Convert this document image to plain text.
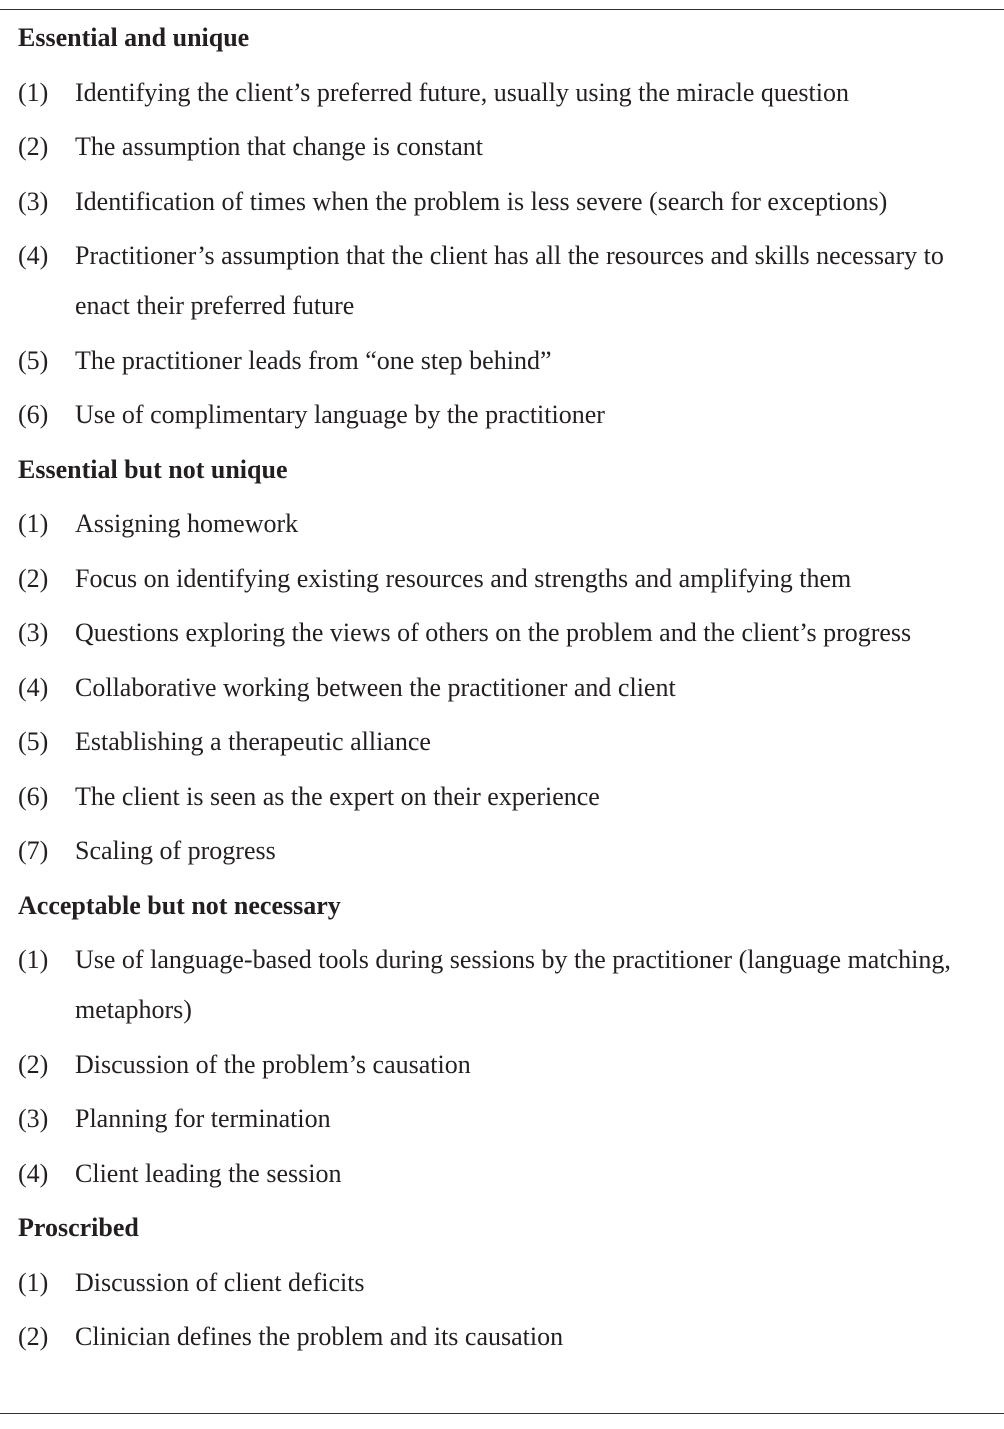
Essential and unique
(1)	Identifying the client’s preferred future, usually using the miracle question
(2)	The assumption that change is constant
(3)	Identification of times when the problem is less severe (search for exceptions)
(4)	Practitioner’s assumption that the client has all the resources and skills necessary to enact their preferred future
(5)	The practitioner leads from “one step behind”
(6)	Use of complimentary language by the practitioner
Essential but not unique
(1)	Assigning homework
(2)	Focus on identifying existing resources and strengths and amplifying them
(3)	Questions exploring the views of others on the problem and the client’s progress
(4)	Collaborative working between the practitioner and client
(5)	Establishing a therapeutic alliance
(6)	The client is seen as the expert on their experience
(7)	Scaling of progress
Acceptable but not necessary
(1)	Use of language-based tools during sessions by the practitioner (language matching, metaphors)
(2)	Discussion of the problem’s causation
(3)	Planning for termination
(4)	Client leading the session
Proscribed
(1)	Discussion of client deficits
(2)	Clinician defines the problem and its causation
